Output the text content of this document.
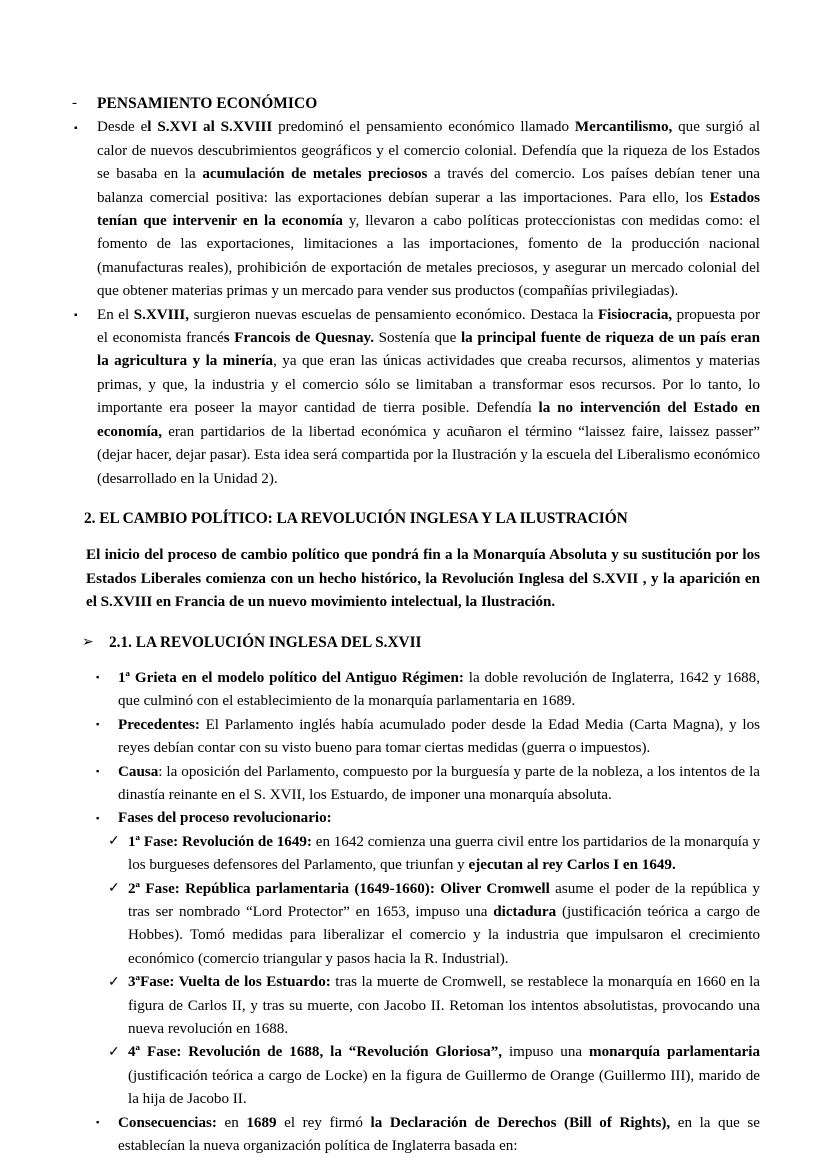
- PENSAMIENTO ECONÓMICO
▪ Desde el S.XVI al S.XVIII predominó el pensamiento económico llamado Mercantilismo, que surgió al calor de nuevos descubrimientos geográficos y el comercio colonial. Defendía que la riqueza de los Estados se basaba en la acumulación de metales preciosos a través del comercio. Los países debían tener una balanza comercial positiva: las exportaciones debían superar a las importaciones. Para ello, los Estados tenían que intervenir en la economía y, llevaron a cabo políticas proteccionistas con medidas como: el fomento de las exportaciones, limitaciones a las importaciones, fomento de la producción nacional (manufacturas reales), prohibición de exportación de metales preciosos, y asegurar un mercado colonial del que obtener materias primas y un mercado para vender sus productos (compañías privilegiadas).
▪ En el S.XVIII, surgieron nuevas escuelas de pensamiento económico. Destaca la Fisiocracia, propuesta por el economista francés Francois de Quesnay. Sostenía que la principal fuente de riqueza de un país eran la agricultura y la minería, ya que eran las únicas actividades que creaba recursos, alimentos y materias primas, y que, la industria y el comercio sólo se limitaban a transformar esos recursos. Por lo tanto, lo importante era poseer la mayor cantidad de tierra posible. Defendía la no intervención del Estado en economía, eran partidarios de la libertad económica y acuñaron el término “laissez faire, laissez passer” (dejar hacer, dejar pasar). Esta idea será compartida por la Ilustración y la escuela del Liberalismo económico (desarrollado en la Unidad 2).
2. EL CAMBIO POLÍTICO: LA REVOLUCIÓN INGLESA Y LA ILUSTRACIÓN
El inicio del proceso de cambio político que pondrá fin a la Monarquía Absoluta y su sustitución por los Estados Liberales comienza con un hecho histórico, la Revolución Inglesa del S.XVII , y la aparición en el S.XVIII en Francia de un nuevo movimiento intelectual, la Ilustración.
➢ 2.1. LA REVOLUCIÓN INGLESA DEL S.XVII
▪ 1ª Grieta en el modelo político del Antiguo Régimen: la doble revolución de Inglaterra, 1642 y 1688, que culminó con el establecimiento de la monarquía parlamentaria en 1689.
▪ Precedentes: El Parlamento inglés había acumulado poder desde la Edad Media (Carta Magna), y los reyes debían contar con su visto bueno para tomar ciertas medidas (guerra o impuestos).
▪ Causa: la oposición del Parlamento, compuesto por la burguesía y parte de la nobleza, a los intentos de la dinastía reinante en el S. XVII, los Estuardo, de imponer una monarquía absoluta.
▪ Fases del proceso revolucionario:
✓ 1ª Fase: Revolución de 1649: en 1642 comienza una guerra civil entre los partidarios de la monarquía y los burgueses defensores del Parlamento, que triunfan y ejecutan al rey Carlos I en 1649.
✓ 2ª Fase: República parlamentaria (1649-1660): Oliver Cromwell asume el poder de la república y tras ser nombrado “Lord Protector” en 1653, impuso una dictadura (justificación teórica a cargo de Hobbes). Tomó medidas para liberalizar el comercio y la industria que impulsaron el crecimiento económico (comercio triangular y pasos hacia la R. Industrial).
✓ 3ªFase: Vuelta de los Estuardo: tras la muerte de Cromwell, se restablece la monarquía en 1660 en la figura de Carlos II, y tras su muerte, con Jacobo II. Retoman los intentos absolutistas, provocando una nueva revolución en 1688.
✓ 4ª Fase: Revolución de 1688, la “Revolución Gloriosa”, impuso una monarquía parlamentaria (justificación teórica a cargo de Locke) en la figura de Guillermo de Orange (Guillermo III), marido de la hija de Jacobo II.
▪ Consecuencias: en 1689 el rey firmó la Declaración de Derechos (Bill of Rights), en la que se establecían la nueva organización política de Inglaterra basada en:
